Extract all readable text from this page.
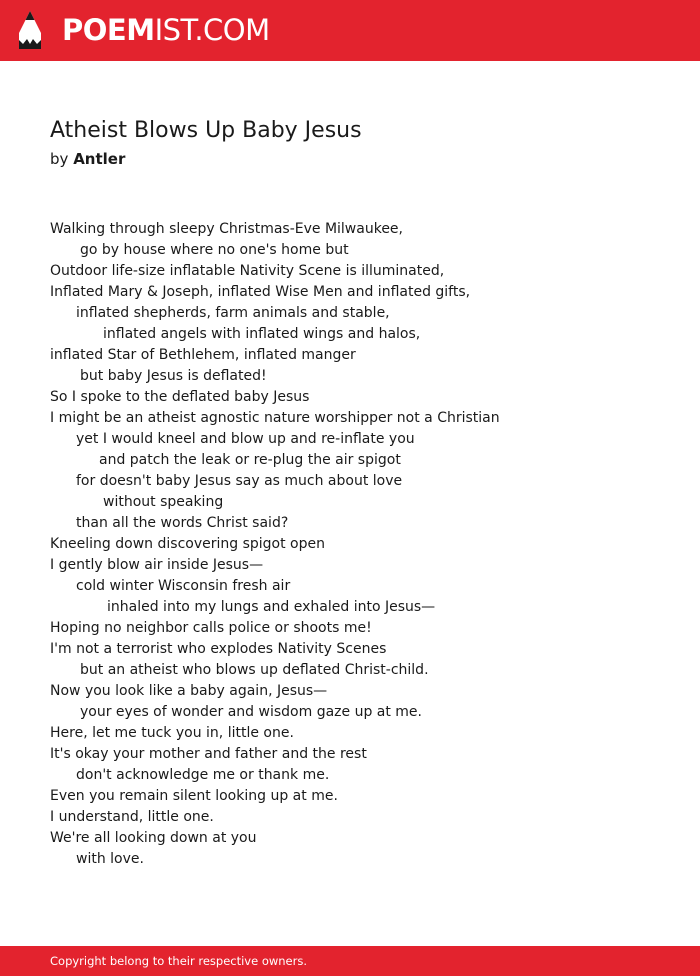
POEMIST.COM
Atheist Blows Up Baby Jesus
by Antler
Walking through sleepy Christmas-Eve Milwaukee,
go by house where no one's home but
Outdoor life-size inflatable Nativity Scene is illuminated,
Inflated Mary & Joseph, inflated Wise Men and inflated gifts,
inflated shepherds, farm animals and stable,
inflated angels with inflated wings and halos,
inflated Star of Bethlehem, inflated manger
but baby Jesus is deflated!
So I spoke to the deflated baby Jesus
I might be an atheist agnostic nature worshipper not a Christian
yet I would kneel and blow up and re-inflate you
and patch the leak or re-plug the air spigot
for doesn't baby Jesus say as much about love
without speaking
than all the words Christ said?
Kneeling down discovering spigot open
I gently blow air inside Jesus—
cold winter Wisconsin fresh air
inhaled into my lungs and exhaled into Jesus—
Hoping no neighbor calls police or shoots me!
I'm not a terrorist who explodes Nativity Scenes
but an atheist who blows up deflated Christ-child.
Now you look like a baby again, Jesus—
your eyes of wonder and wisdom gaze up at me.
Here, let me tuck you in, little one.
It's okay your mother and father and the rest
don't acknowledge me or thank me.
Even you remain silent looking up at me.
I understand, little one.
We're all looking down at you
with love.
Copyright belong to their respective owners.
